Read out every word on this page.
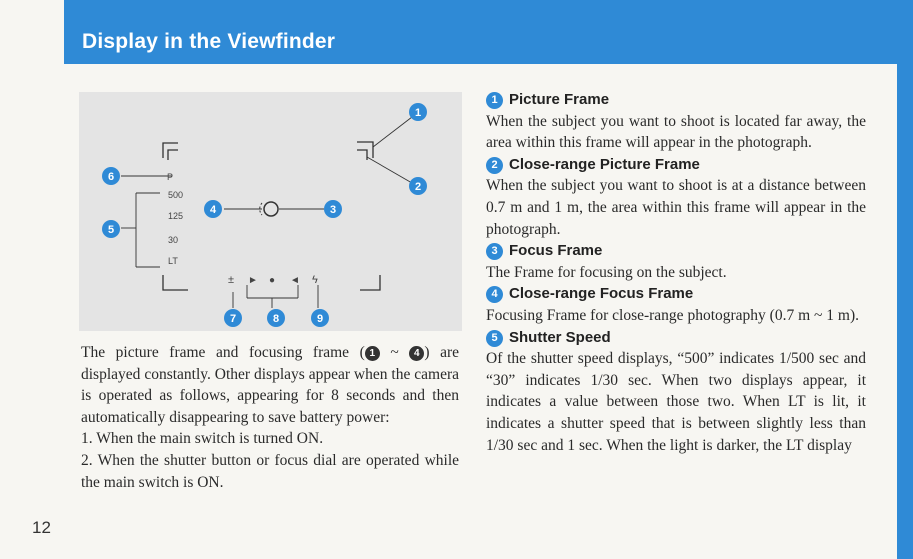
Display in the Viewfinder
P
500
125
30
LT
± ► ● ◄ ϟ
1
2
3
4
5
6
7	8	9

The picture frame and focusing frame ( 1 ~ 4 ) are displayed constantly. Other displays appear when the camera is operated as follows, appearing for 8 seconds and then automatically disappearing to save battery power:

1. When the main switch is turned ON.

2. When the shutter button or focus dial are operated while the main switch is ON.

12

1 Picture Frame

When the subject you want to shoot is located far away, the area within this frame will appear in the photograph.

2 Close-range Picture Frame

When the subject you want to shoot is at a distance between 0.7 m and 1 m, the area within this frame will appear in the photograph.

3 Focus Frame

The Frame for focusing on the subject.

4 Close-range Focus Frame

Focusing Frame for close-range photography (0.7 m ~ 1 m).

5 Shutter Speed

Of the shutter speed displays, “500” indicates 1/500 sec and “30” indicates 1/30 sec. When two displays appear, it indicates a value between those two. When LT is lit, it indicates a shutter speed that is between slightly less than 1/30 sec and 1 sec. When the light is darker, the LT display
